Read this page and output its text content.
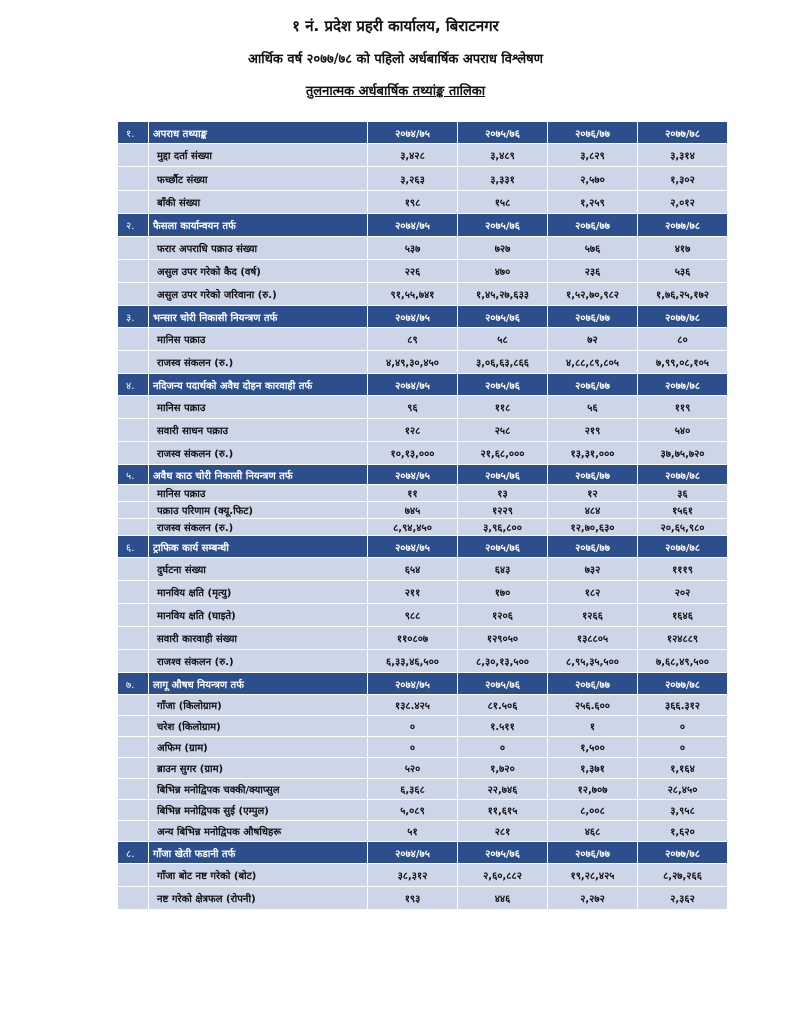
१ नं. प्रदेश प्रहरी कार्यालय, बिराटनगर
आर्थिक वर्ष २०७७/७८ को पहिलो अर्धबार्षिक अपराध विश्लेषण
तुलनात्मक अर्धबार्षिक तथ्यांङ्क तालिका
१.	अपराध तथ्याङ्क	२०७४/७५	२०७५/७६	२०७६/७७	२०७७/७८
	मुद्दा दर्ता संख्या	३,४२८	३,४८९	३,८२९	३,३१४
	फर्च्छौट संख्या	३,२६३	३,३३१	२,५७०	१,३०२
	बाँकी संख्या	१९८	१५८	१,२५९	२,०१२
२.	फैसला कार्यान्वयन तर्फ	२०७४/७५	२०७५/७६	२०७६/७७	२०७७/७८
	फरार अपराधि पक्राउ संख्या	५३७	७२७	५७६	४१७
	असुल उपर गरेको कैद (वर्ष)	२२६	४७०	२३६	५३६
	असुल उपर गरेको जरिवाना (रु.)	९१,५५,७४१	१,४५,२७,६३३	१,५२,७०,९८२	१,७६,२५,१७२
३.	भन्सार चोरी निकासी नियन्त्रण तर्फ	२०७४/७५	२०७५/७६	२०७६/७७	२०७७/७८
	मानिस पक्राउ	८९	५८	७२	८०
	राजस्व संकलन (रु.)	४,४९,३०,४५०	३,०६,६३,८६६	४,८८,८९,८०५	७,९९,०८,१०५
४.	नदिजन्य पदार्थको अवैध दोहन कारवाही तर्फ	२०७४/७५	२०७५/७६	२०७६/७७	२०७७/७८
	मानिस पक्राउ	९६	११८	५६	११९
	सवारी साधन पक्राउ	१२८	२५८	२१९	५४०
	राजस्व संकलन (रु.)	१०,१३,०००	२१,६८,०००	१३,३१,०००	३७,७५,७२०
५.	अवैध काठ चोरी निकासी नियन्त्रण तर्फ	२०७४/७५	२०७५/७६	२०७६/७७	२०७७/७८
	मानिस पक्राउ	११	१३	१२	३६
	पक्राउ परिणाम (क्यू.फिट)	७४५	१२२९	४८४	१५६१
	राजस्व संकलन (रु.)	८,९४,४५०	३,९६,८००	१२,७०,६३०	२०,६५,९८०
६.	ट्राफिक कार्य सम्बन्धी	२०७४/७५	२०७५/७६	२०७६/७७	२०७७/७८
	दुर्घटना संख्या	६५४	६४३	७३२	१११९
	मानविय क्षति (मृत्यु)	२११	१७०	१८२	२०२
	मानविय क्षति (घाइते)	९८८	१२०६	१२६६	१६४६
	सवारी कारवाही संख्या	११०८०७	१२९०५०	१३८८०५	१२४८८९
	राजश्व संकलन (रु.)	६,३३,४६,५००	८,३०,१३,५००	८,९५,३५,५००	७,६८,४९,५००
७.	लागू औषध नियन्त्रण तर्फ	२०७४/७५	२०७५/७६	२०७६/७७	२०७७/७८
	गाँजा (किलोग्राम)	१३८.४२५	८१.५०६	२५६.६००	३६६.३१२
	चरेश (किलोग्राम)	०	१.५११	१	०
	अफिम (ग्राम)	०	०	१,५००	०
	ब्राउन सुगर (ग्राम)	५२०	१,७२०	१,३७१	१,१६४
	बिभिन्न मनोद्विपक चक्की/क्याप्सुल	६,३६८	२२,७४६	१२,७०७	२८,४५०
	बिभिन्न मनोद्विपक सुई (एम्पुल)	५,०८९	११,६१५	८,००८	३,९५८
	अन्य बिभिन्न मनोद्विपक औषधिहरू	५१	२८१	४६८	१,६२०
८.	गाँजा खेती फडानी तर्फ	२०७४/७५	२०७५/७६	२०७६/७७	२०७७/७८
	गाँजा बोट नष्ट गरेको (बोट)	३८,३१२	२,६०,८८२	१९,२८,४२५	८,२७,२६६
	नष्ट गरेको क्षेत्रफल (रोपनी)	१९३	४४६	२,२७२	२,३६२
